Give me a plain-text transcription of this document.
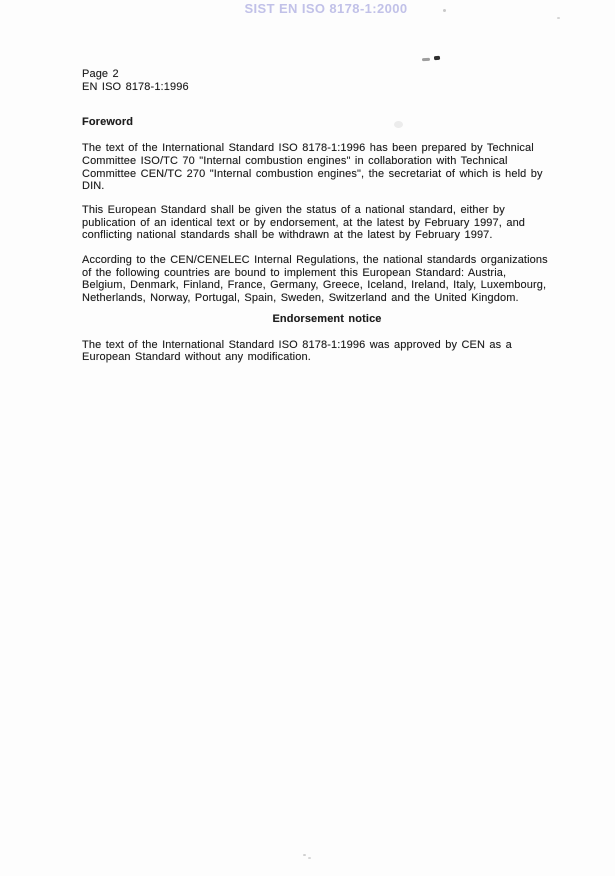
SIST EN ISO 8178-1:2000
Page 2
EN ISO 8178-1:1996
Foreword
The text of the International Standard ISO 8178-1:1996 has been prepared by Technical
Committee ISO/TC 70 "Internal combustion engines" in collaboration with Technical
Committee CEN/TC 270 "Internal combustion engines", the secretariat of which is held by
DIN.
This European Standard shall be given the status of a national standard, either by
publication of an identical text or by endorsement, at the latest by February 1997, and
conflicting national standards shall be withdrawn at the latest by February 1997.
According to the CEN/CENELEC Internal Regulations, the national standards organizations
of the following countries are bound to implement this European Standard: Austria,
Belgium, Denmark, Finland, France, Germany, Greece, Iceland, Ireland, Italy, Luxembourg,
Netherlands, Norway, Portugal, Spain, Sweden, Switzerland and the United Kingdom.
Endorsement notice
The text of the International Standard ISO 8178-1:1996 was approved by CEN as a
European Standard without any modification.
